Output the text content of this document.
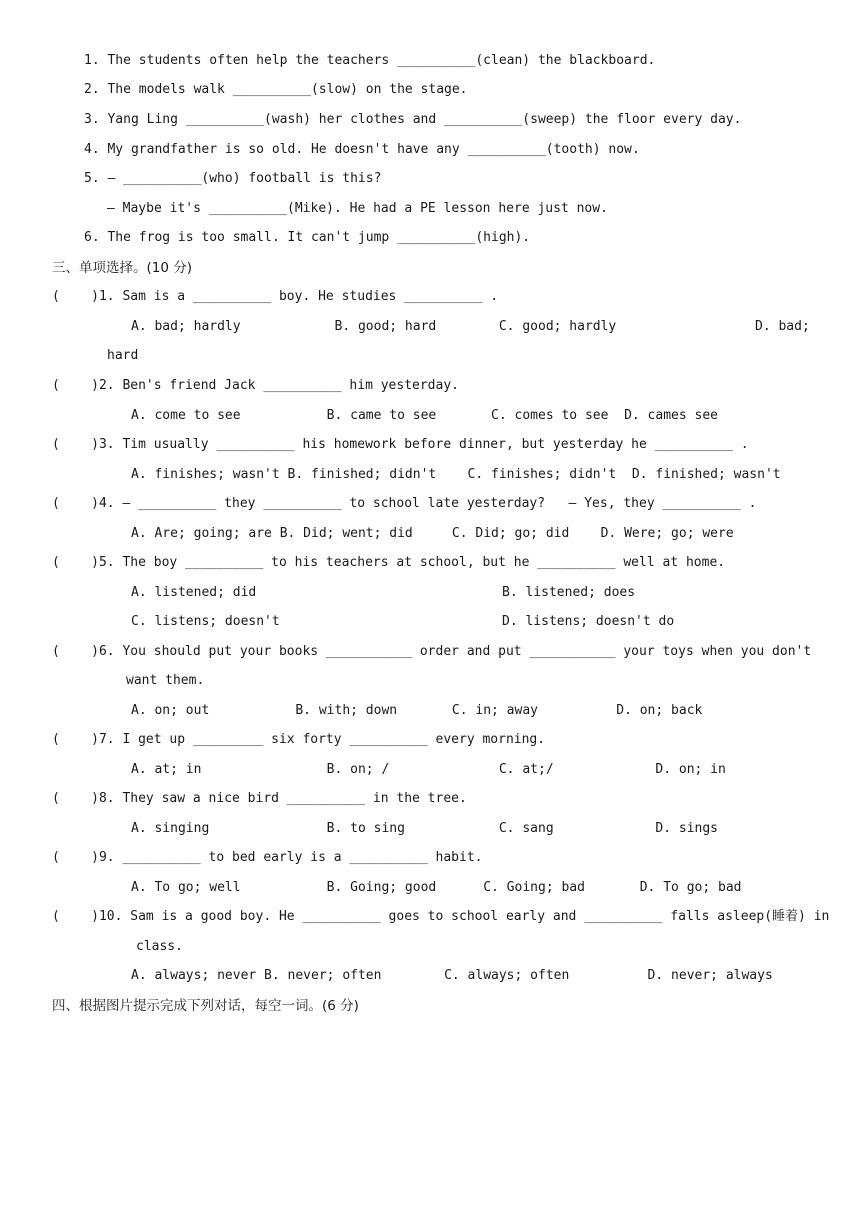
1. The students often help the teachers __________(clean) the blackboard.
2. The models walk __________(slow) on the stage.
3. Yang Ling __________(wash) her clothes and __________(sweep) the floor every day.
4. My grandfather is so old. He doesn't have any __________(tooth) now.
5. — __________(who) football is this?
— Maybe it's __________(Mike). He had a PE lesson here just now.
6. The frog is too small. It can't jump __________(high).
三、单项选择。(10 分)
(    )1. Sam is a __________ boy. He studies __________ .
A. bad; hardly            B. good; hard        C. good; hardly	D. bad;
hard
(    )2. Ben's friend Jack __________ him yesterday.
A. come to see           B. came to see       C. comes to see  D. cames see
(    )3. Tim usually __________ his homework before dinner, but yesterday he __________ .
A. finishes; wasn't B. finished; didn't    C. finishes; didn't  D. finished; wasn't
(    )4. — __________ they __________ to school late yesterday?   — Yes, they __________ .
A. Are; going; are B. Did; went; did     C. Did; go; did    D. Were; go; were
(    )5. The boy __________ to his teachers at school, but he __________ well at home.
A. listened; did	B. listened; does
C. listens; doesn't	D. listens; doesn't do
(    )6. You should put your books ___________ order and put ___________ your toys when you don't
want them.
A. on; out           B. with; down       C. in; away          D. on; back
(    )7. I get up _________ six forty __________ every morning.
A. at; in                B. on; /              C. at;/             D. on; in
(    )8. They saw a nice bird __________ in the tree.
A. singing               B. to sing            C. sang             D. sings
(    )9. __________ to bed early is a __________ habit.
A. To go; well           B. Going; good      C. Going; bad       D. To go; bad
(    )10. Sam is a good boy. He __________ goes to school early and __________ falls asleep(睡着) in
class.
A. always; never B. never; often        C. always; often          D. never; always
四、根据图片提示完成下列对话，每空一词。(6 分)
